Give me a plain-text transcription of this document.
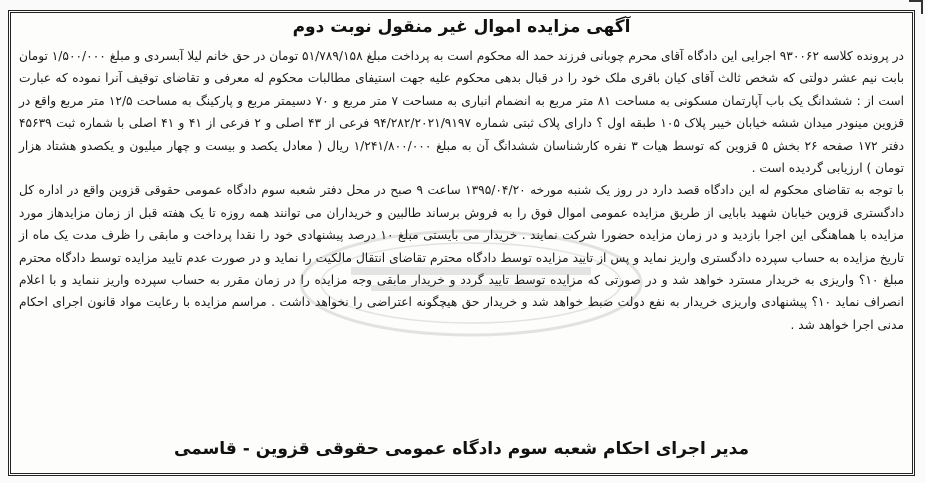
آگهی مزایده اموال غیر منقول نوبت دوم

در پرونده کلاسه ۹۳۰۰۶۲ اجرایی این دادگاه آقای محرم چوبانی فرزند حمد اله محکوم است به پرداخت مبلغ ۵۱/۷۸۹/۱۵۸ تومان در حق خانم لیلا آبسردی و مبلغ ۱/۵۰۰/۰۰۰ تومان بابت نیم عشر دولتی که شخص ثالث آقای کیان باقری ملک خود را در قبال بدهی محکوم علیه جهت استیفای مطالبات محکوم له معرفی و تقاضای توقیف آنرا نموده که عبارت است از : ششدانگ یک باب آپارتمان مسکونی به مساحت ۸۱ متر مربع به انضمام انباری به مساحت ۷ متر مربع و ۷۰ دسیمتر مربع و پارکینگ به مساحت ۱۲/۵ متر مربع واقع در قزوین مینودر میدان ششه خیابان خیبر پلاک ۱۰۵ طبقه اول ؟ دارای پلاک ثبتی شماره ۹۴/۲۸۲/۲۰۲۱/۹۱۹۷ فرعی از ۴۳ اصلی و ۲ فرعی از ۴۱ و ۴۱ اصلی با شماره ثبت ۴۵۶۳۹ دفتر ۱۷۲ صفحه ۲۶ بخش ۵ قزوین که توسط هیات ۳ نفره کارشناسان ششدانگ آن به مبلغ ۱/۲۴۱/۸۰۰/۰۰۰ ریال ( معادل یکصد و بیست و چهار میلیون و یکصدو هشتاد هزار تومان ) ارزیابی گردیده است .

با توجه به تقاضای محکوم له این دادگاه قصد دارد در روز یک شنبه مورخه ۱۳۹۵/۰۴/۲۰ ساعت ۹ صبح در محل دفتر شعبه سوم دادگاه عمومی حقوقی قزوین واقع در اداره کل دادگستری قزوین خیابان شهید بابایی از طریق مزایده عمومی اموال فوق را به فروش برساند طالبین و خریداران می توانند همه روزه تا یک هفته قبل از زمان مزایدهاز مورد مزایده با هماهنگی این اجرا بازدید و در زمان مزایده حضورا شرکت نمایند . خریدار می بایستی مبلغ ۱۰ درصد پیشنهادی خود را نقدا پرداخت و مابقی را ظرف مدت یک ماه از تاریخ مزایده به حساب سپرده دادگستری واریز نماید و پس از تایید مزایده توسط دادگاه محترم تقاضای انتقال مالکیت را نماید و در صورت عدم تایید مزایده توسط دادگاه محترم مبلغ ۱۰؟ واریزی به خریدار مسترد خواهد شد و در صورتی که مزایده توسط تایید گردد و خریدار مابقی وجه مزایده را در زمان مقرر به حساب سپرده واریز ننماید و با اعلام انصراف نماید ۱۰؟ پیشنهادی واریزی خریدار به نفع دولت ضبط خواهد شد و خریدار حق هیچگونه اعتراضی را نخواهد داشت . مراسم مزایده با رعایت مواد قانون اجرای احکام مدنی اجرا خواهد شد .

مدیر اجرای احکام شعبه سوم دادگاه عمومی حقوقی قزوین - قاسمی
